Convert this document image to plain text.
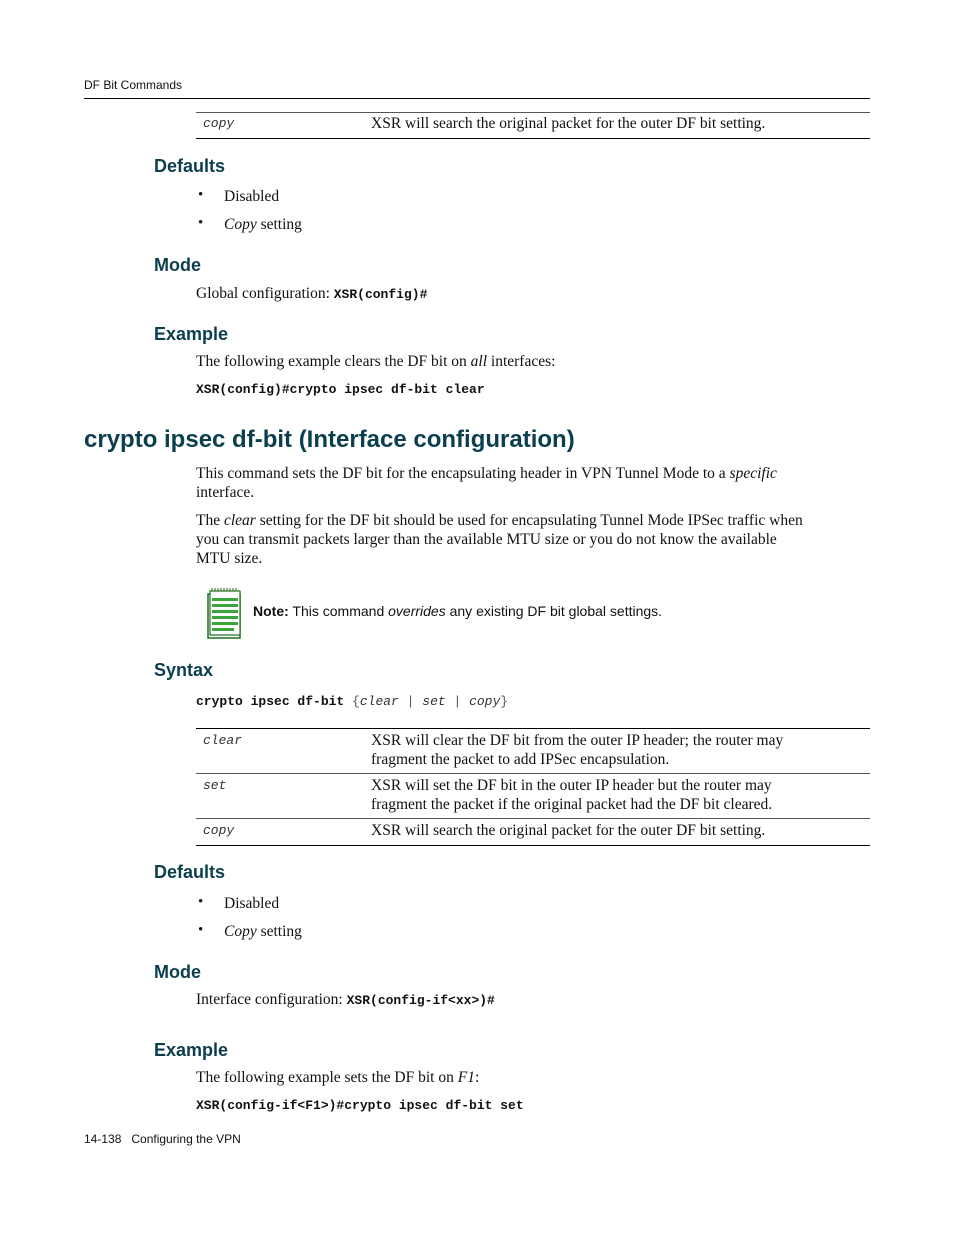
DF Bit Commands
copy	XSR will search the original packet for the outer DF bit setting.
Defaults
• Disabled
• Copy setting
Mode
Global configuration: XSR(config)#
Example
The following example clears the DF bit on all interfaces:
XSR(config)#crypto ipsec df-bit clear
crypto ipsec df-bit (Interface configuration)
This command sets the DF bit for the encapsulating header in VPN Tunnel Mode to a specific
interface.
The clear setting for the DF bit should be used for encapsulating Tunnel Mode IPSec traffic when
you can transmit packets larger than the available MTU size or you do not know the available
MTU size.
Note: This command overrides any existing DF bit global settings.
Syntax
crypto ipsec df-bit {clear | set | copy}
clear	XSR will clear the DF bit from the outer IP header; the router may
fragment the packet to add IPSec encapsulation.
set	XSR will set the DF bit in the outer IP header but the router may
fragment the packet if the original packet had the DF bit cleared.
copy	XSR will search the original packet for the outer DF bit setting.
Defaults
• Disabled
• Copy setting
Mode
Interface configuration: XSR(config-if<xx>)#
Example
The following example sets the DF bit on F1:
XSR(config-if<F1>)#crypto ipsec df-bit set
14-138   Configuring the VPN
